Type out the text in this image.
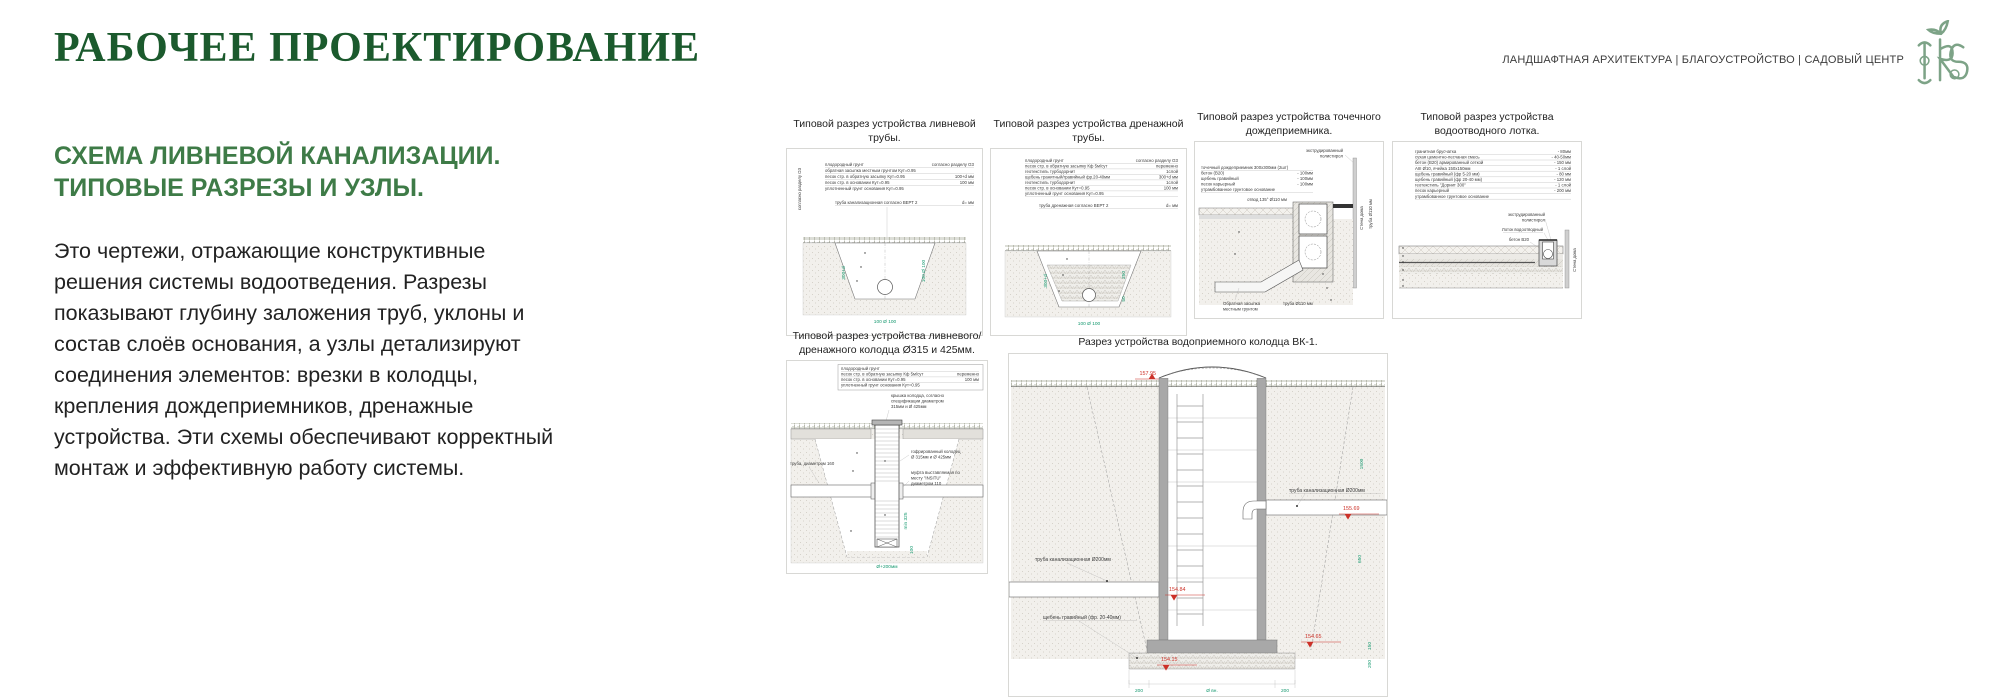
РАБОЧЕЕ ПРОЕКТИРОВАНИЕ	ЛАНДШАФТНАЯ АРХИТЕКТУРА | БЛАГОУСТРОЙСТВО | САДОВЫЙ ЦЕНТР
СХЕМА ЛИВНЕВОЙ КАНАЛИЗАЦИИ. ТИПОВЫЕ РАЗРЕЗЫ И УЗЛЫ.

Это чертежи, отражающие конструктивные решения системы водоотведения. Разрезы показывают глубину заложения труб, уклоны и состав слоёв основания, а узлы детализируют соединения элементов: врезки в колодцы, крепления дождеприемников, дренажные устройства. Эти схемы обеспечивают корректный монтаж и эффективную работу системы.

Типовой разрез устройства ливневой трубы.
согласно разделу ОЗ
плодородный грунт	согласно разделу ОЗ
обратная засыпка местным грунтом Кут=0.95
песок стр. в обратную засыпку Кут=0.95	100+d мм
песок стр. в основании Кут=0.95	100 мм
уплотненный грунт основания Кут=0.95
труба канализационная согласно ВЕРТ 2	d= мм
300+d	100 Ø 100
100 Ø 100
Типовой разрез устройства дренажной трубы.
плодородный грунт	согласно разделу ОЗ
песок стр. в обратную засыпку Кф 5м/сут	переменно
геотекстиль турбодорнит	1слой
щебень гранитный/гравийный фр.20-40мм	300+d мм
геотекстиль турбодорнит	1слой
песок стр. в основании Кут=0.95	100 мм
уплотненный грунт основания Кут=0.95
труба дренажная согласно ВЕРТ 2	d= мм
300+d	250
50
100 Ø 100
Типовой разрез устройства точечного дождеприемника.
экструдированный
полистирол
точечный дождеприемник 300х300мм (2шт)
бетон (В20)	- 100мм
щебень гравийный	- 100мм
песок карьерный	- 100мм
утрамбованное грунтовое основание
отвод 135° Ø110 мм
Стена дома труба Ø110 мм
Обратная засыпка
местным грунтом
труба Ø110 мм
Типовой разрез устройства водоотводного лотка.
гранитная брусчатка	- 80мм
сухая цементно-песчаная смесь	- 40-50мм
бетон (В20) армированный сеткой	- 150 мм
АIII Ø10, ячейка 150х150мм	- 1 слой
щебень гравийный (фр 5-20 мм)	- 80 мм
щебень гравийный (фр 20-40 мм)	- 120 мм
геотекстиль "Дорнит 300"	- 1 слой
песок карьерный	- 200 мм
утрамбованное грунтовое основание
экструдированный
полистирол
Лоток водоотводный
бетон В20
Стена дома
Типовой разрез устройства ливневого/дренажного колодца Ø315 и 425мм.
плодородный грунт
песок стр. в обратную засыпку Кф 5м/сут	переменно
песок стр. в основании Кут=0.95	100 мм
уплотненный грунт основания Кут=0.95
крышка колодца, согласно
спецификации диаметром
315мм и Ø 425мм
труба, диаметром 160
гофрированный колодец
Ø 315мм и Ø 425мм
муфта выставляемая по
месту "INSITU"
диаметром 110
min 325
100
Ø+200мм
Разрез устройства водоприемного колодца ВК-1.
157.95
155.69
154.84
154.65
154.15
труба канализационная Ø200мм
труба канализационная Ø200мм
щебень гравийный (фр. 20-40мм)
1500
650
150
200
200	Ø вн.	200
